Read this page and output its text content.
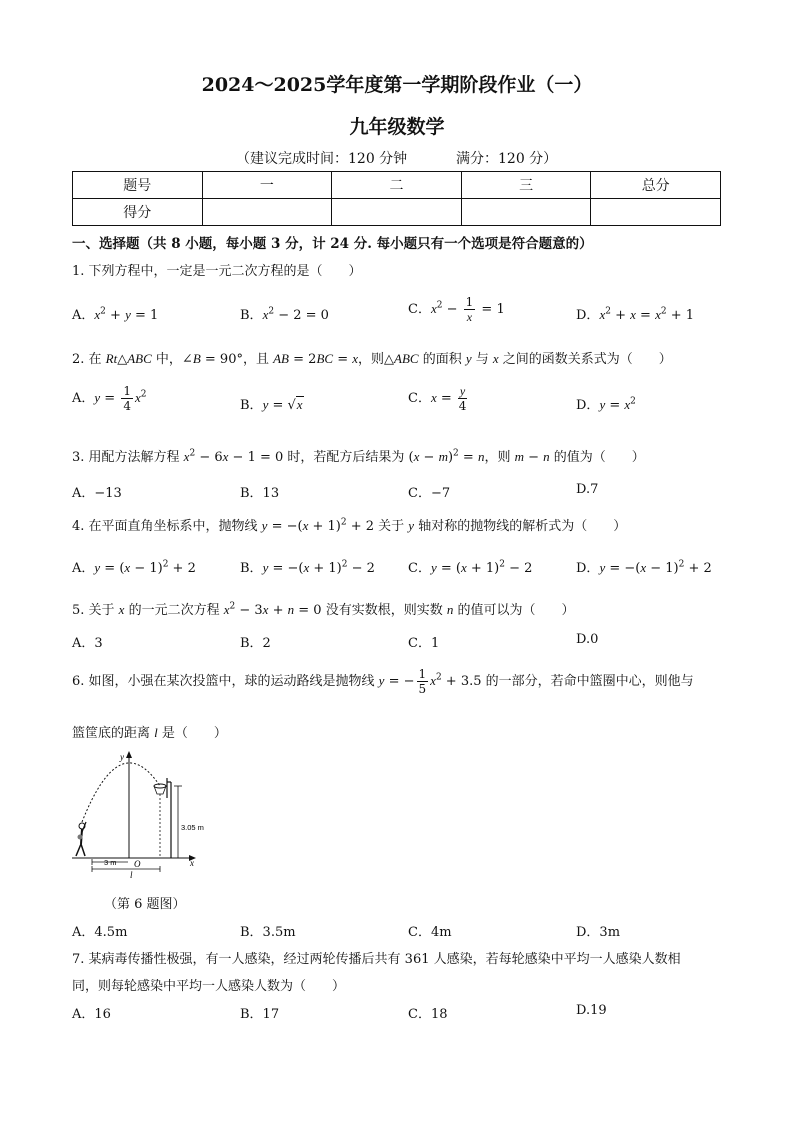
2024～2025学年度第一学期阶段作业（一）
九年级数学
（建议完成时间：120 分钟	满分：120 分）
题号	一	二	三	总分
得分				
一、选择题（共 8 小题，每小题 3 分，计 24 分. 每小题只有一个选项是符合题意的）
1. 下列方程中，一定是一元二次方程的是（　　）
A．$x^2 + y = 1$	B．$x^2 - 2 = 0$	C．$x^2 - \frac{1}{x} = 1$	D．$x^2 + x = x^2 + 1$
2. 在 Rt△ABC 中，∠B = 90°，且 AB = 2BC = x，则△ABC 的面积 y 与 x 之间的函数关系式为（　　）
A．$y = \frac{1}{4} x^2$
B．y = √x	C．$x = \frac{y}{4}$	D．$y = x^2$
3. 用配方法解方程 $x^2 - 6x - 1 = 0$ 时，若配方后结果为 $(x - m)^2 = n$，则 m − n 的值为（　　）
A．−13	B．13	C．−7	D.7
4. 在平面直角坐标系中，抛物线 $y = -(x + 1)^2 + 2$ 关于 y 轴对称的抛物线的解析式为（　　）
A．$y = (x - 1)^2 + 2$	B．$y = -(x + 1)^2 - 2$	C．$y = (x + 1)^2 - 2$	D．$y = -(x - 1)^2 + 2$
5. 关于 x 的一元二次方程 $x^2 - 3x + n = 0$ 没有实数根，则实数 n 的值可以为（　　）
A．3	B．2	C．1	D.0
6. 如图，小强在某次投篮中，球的运动路线是抛物线 y = − $\frac{1}{5} x^2 + 3.5$ 的一部分，若命中篮圈中心，则他与
篮筐底的距离 l 是（　　）
y
x
O
3.05 m
3 m
l
（第 6 题图）
A．4.5m	B．3.5m	C．4m	D．3m
7. 某病毒传播性极强，有一人感染，经过两轮传播后共有 361 人感染，若每轮感染中平均一人感染人数相
同，则每轮感染中平均一人感染人数为（　　）
A．16	B．17	C．18	D.19
